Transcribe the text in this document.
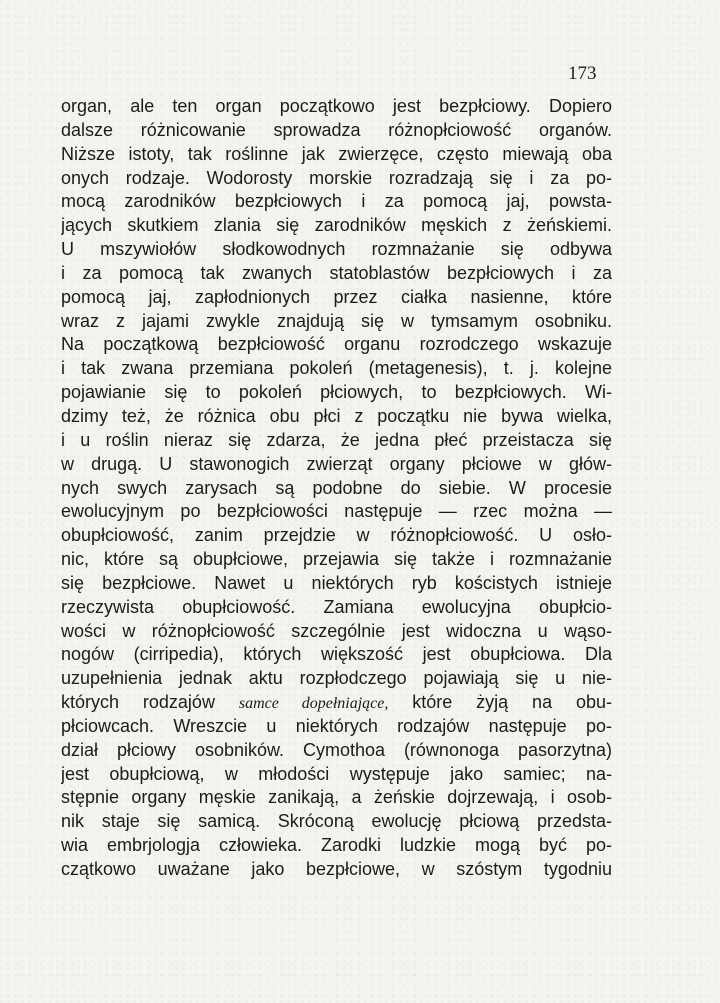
173
organ, ale ten organ początkowo jest bezpłciowy. Dopiero
dalsze różnicowanie sprowadza różnopłciowość organów.
Niższe istoty, tak roślinne jak zwierzęce, często miewają oba
onych rodzaje. Wodorosty morskie rozradzają się i za po-
mocą zarodników bezpłciowych i za pomocą jaj, powsta-
jących skutkiem zlania się zarodników męskich z żeńskiemi.
U mszywiołów słodkowodnych rozmnażanie się odbywa
i za pomocą tak zwanych statoblastów bezpłciowych i za
pomocą jaj, zapłodnionych przez ciałka nasienne, które
wraz z jajami zwykle znajdują się w tymsamym osobniku.
Na początkową bezpłciowość organu rozrodczego wskazuje
i tak zwana przemiana pokoleń (metagenesis), t. j. kolejne
pojawianie się to pokoleń płciowych, to bezpłciowych. Wi-
dzimy też, że różnica obu płci z początku nie bywa wielka,
i u roślin nieraz się zdarza, że jedna płeć przeistacza się
w drugą. U stawonogich zwierząt organy płciowe w głów-
nych swych zarysach są podobne do siebie. W procesie
ewolucyjnym po bezpłciowości następuje — rzec można —
obupłciowość, zanim przejdzie w różnopłciowość. U osło-
nic, które są obupłciowe, przejawia się także i rozmnażanie
się bezpłciowe. Nawet u niektórych ryb kościstych istnieje
rzeczywista obupłciowość. Zamiana ewolucyjna obupłcio-
wości w różnopłciowość szczególnie jest widoczna u wąso-
nogów (cirripedia), których większość jest obupłciowa. Dla
uzupełnienia jednak aktu rozpłodczego pojawiają się u nie-
których rodzajów samce dopełniające, które żyją na obu-
płciowcach. Wreszcie u niektórych rodzajów następuje po-
dział płciowy osobników. Cymothoa (równonoga pasorzytna)
jest obupłciową, w młodości występuje jako samiec; na-
stępnie organy męskie zanikają, a żeńskie dojrzewają, i osob-
nik staje się samicą. Skróconą ewolucję płciową przedsta-
wia embrjologja człowieka. Zarodki ludzkie mogą być po-
czątkowo uważane jako bezpłciowe, w szóstym tygodniu
